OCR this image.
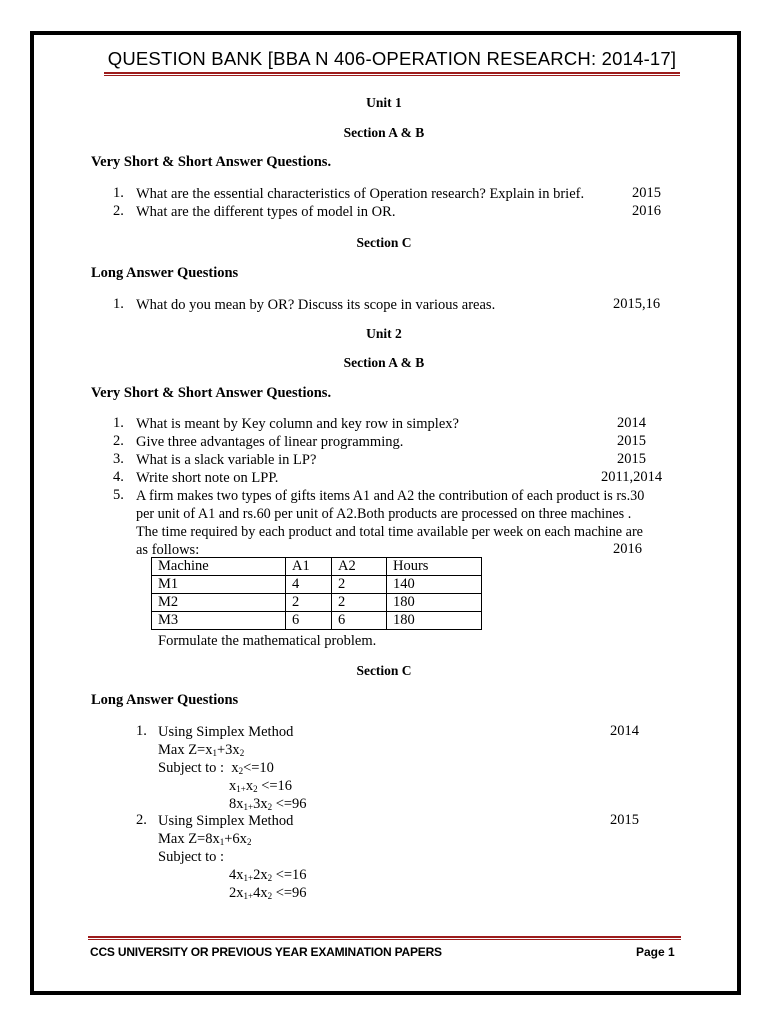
QUESTION BANK [BBA N 406-OPERATION RESEARCH: 2014-17]
Unit 1
Section A & B
Very Short & Short Answer Questions.
1. What are the essential characteristics of Operation research? Explain in brief.	2015
2. What are the different types of model in OR.	2016
Section C
Long Answer Questions
1. What do you mean by OR? Discuss its scope in various areas.	2015,16
Unit 2
Section A & B
Very Short & Short Answer Questions.
1. What is meant by Key column and key row in simplex?	2014
2. Give three advantages of linear programming.	2015
3. What is a slack variable in LP?	2015
4. Write short note on LPP.	2011,2014
5. A firm makes two types of gifts items A1 and A2 the contribution of each product is rs.30
per unit of A1 and rs.60 per unit of A2.Both products are processed on three machines .
The time required by each product and total time available per week on each machine are
as follows:	2016
Machine	A1	A2	Hours
M1	4	2	140
M2	2	2	180
M3	6	6	180
Formulate the mathematical problem.
Section C
Long Answer Questions
1. Using Simplex Method	2014
Max $Z=x_1+3x_2$
Subject to :  $x_2<=10$
$x_{1+}x_2 <=16$
$8x_{1+}3x_2 <=96$
2. Using Simplex Method	2015
Max $Z=8x_1+6x_2$
Subject to :
$4x_{1+}2x_2 <=16$
$2x_{1+}4x_2 <=96$
CCS UNIVERSITY OR PREVIOUS YEAR EXAMINATION PAPERS	Page 1
